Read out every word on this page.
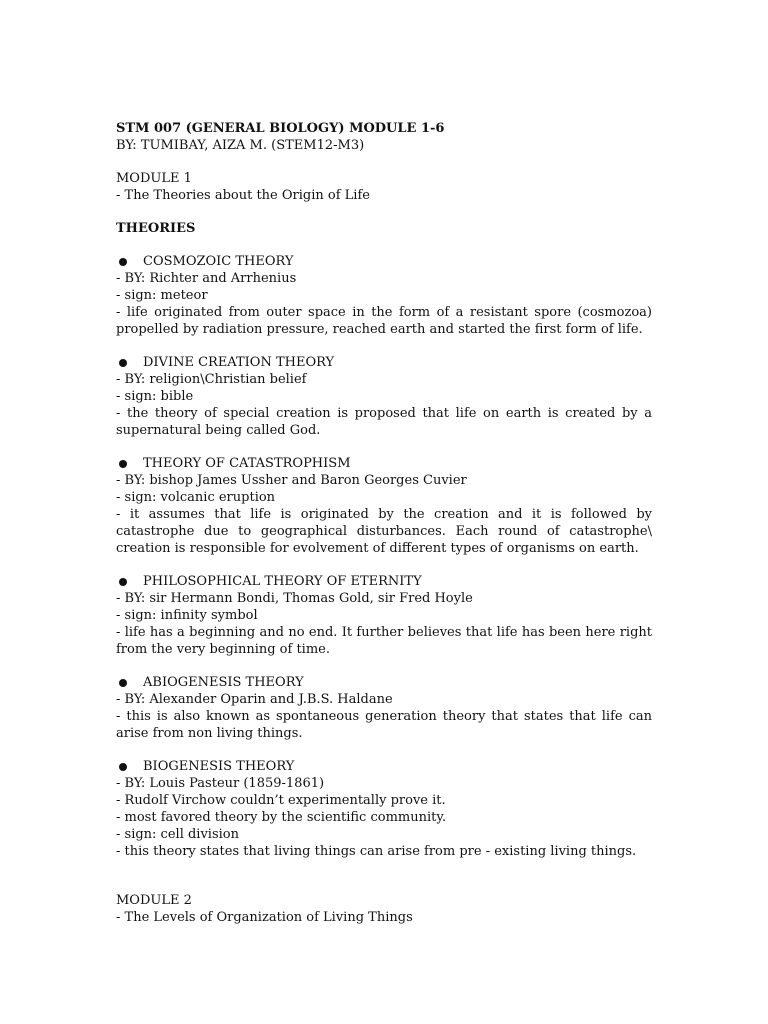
STM 007 (GENERAL BIOLOGY) MODULE 1-6
BY: TUMIBAY, AIZA M. (STEM12-M3)
MODULE 1
- The Theories about the Origin of Life
THEORIES
COSMOZOIC THEORY
- BY: Richter and Arrhenius
- sign: meteor
- life originated from outer space in the form of a resistant spore (cosmozoa) propelled by radiation pressure, reached earth and started the first form of life.
DIVINE CREATION THEORY
- BY: religion\Christian belief
- sign: bible
- the theory of special creation is proposed that life on earth is created by a supernatural being called God.
THEORY OF CATASTROPHISM
- BY: bishop James Ussher and Baron Georges Cuvier
- sign: volcanic eruption
- it assumes that life is originated by the creation and it is followed by catastrophe due to geographical disturbances. Each round of catastrophe\ creation is responsible for evolvement of different types of organisms on earth.
PHILOSOPHICAL THEORY OF ETERNITY
- BY: sir Hermann Bondi, Thomas Gold, sir Fred Hoyle
- sign: infinity symbol
- life has a beginning and no end. It further believes that life has been here right from the very beginning of time.
ABIOGENESIS THEORY
- BY: Alexander Oparin and J.B.S. Haldane
- this is also known as spontaneous generation theory that states that life can arise from non living things.
BIOGENESIS THEORY
- BY: Louis Pasteur (1859-1861)
- Rudolf Virchow couldn’t experimentally prove it.
- most favored theory by the scientific community.
- sign: cell division
- this theory states that living things can arise from pre - existing living things.
MODULE 2
- The Levels of Organization of Living Things
